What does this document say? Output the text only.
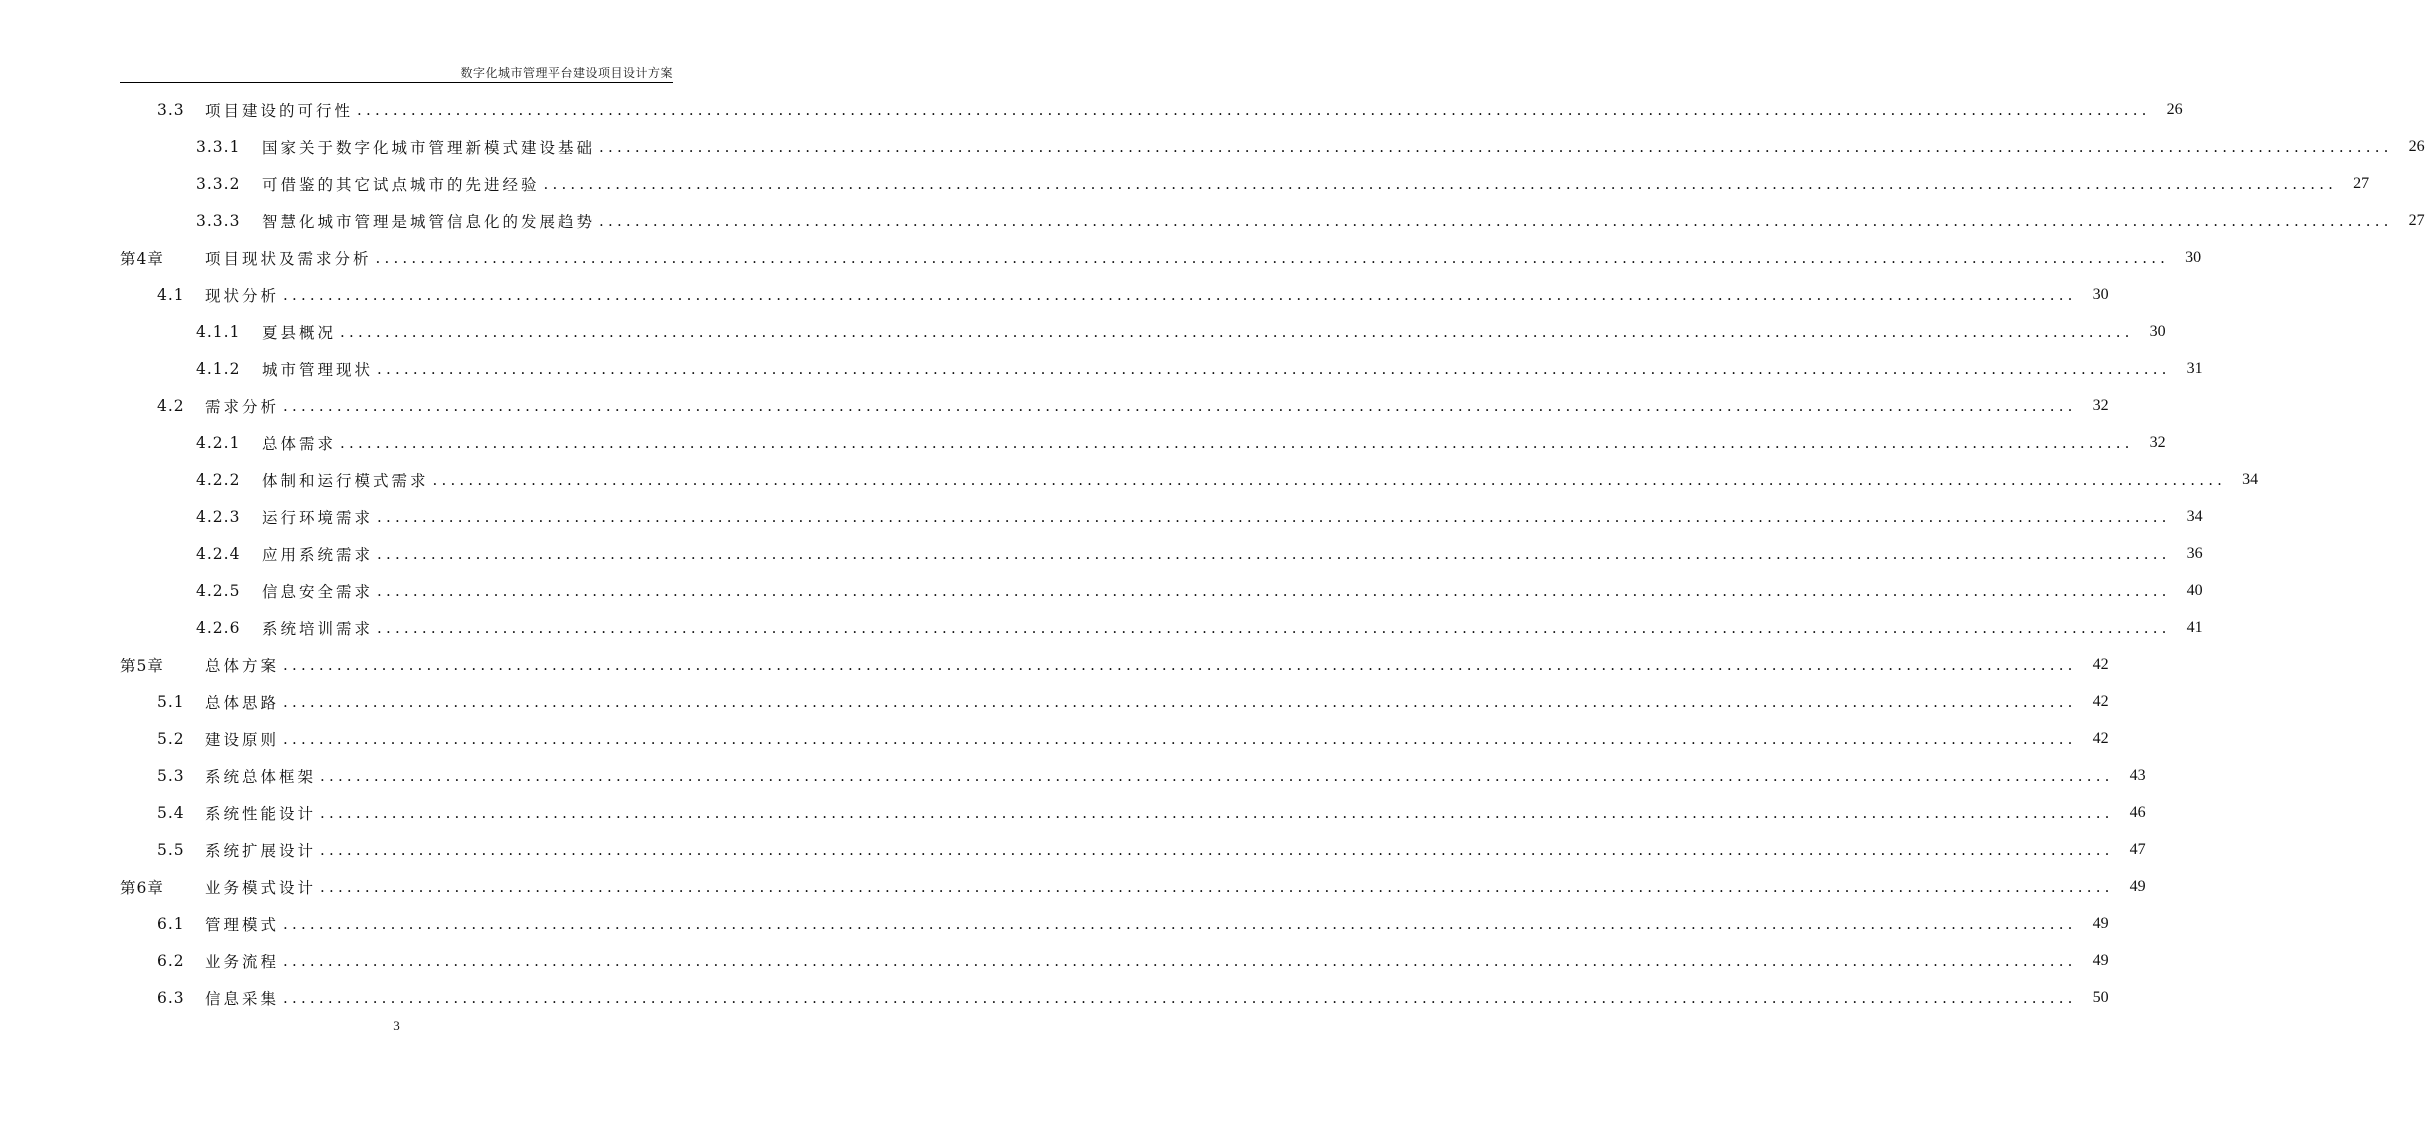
数字化城市管理平台建设项目设计方案
3.3	项目建设的可行性 ........................................................................................................................................................................................................	26
3.3.1	国家关于数字化城市管理新模式建设基础 ........................................................................................................................................................................................................	26
3.3.2	可借鉴的其它试点城市的先进经验 ........................................................................................................................................................................................................	27
3.3.3	智慧化城市管理是城管信息化的发展趋势 ........................................................................................................................................................................................................	27
第4章	项目现状及需求分析 ........................................................................................................................................................................................................	30
4.1	现状分析 ........................................................................................................................................................................................................	30
4.1.1	夏县概况 ........................................................................................................................................................................................................	30
4.1.2	城市管理现状 ........................................................................................................................................................................................................	31
4.2	需求分析 ........................................................................................................................................................................................................	32
4.2.1	总体需求 ........................................................................................................................................................................................................	32
4.2.2	体制和运行模式需求 ........................................................................................................................................................................................................	34
4.2.3	运行环境需求 ........................................................................................................................................................................................................	34
4.2.4	应用系统需求 ........................................................................................................................................................................................................	36
4.2.5	信息安全需求 ........................................................................................................................................................................................................	40
4.2.6	系统培训需求 ........................................................................................................................................................................................................	41
第5章	总体方案 ........................................................................................................................................................................................................	42
5.1	总体思路 ........................................................................................................................................................................................................	42
5.2	建设原则 ........................................................................................................................................................................................................	42
5.3	系统总体框架 ........................................................................................................................................................................................................	43
5.4	系统性能设计 ........................................................................................................................................................................................................	46
5.5	系统扩展设计 ........................................................................................................................................................................................................	47
第6章	业务模式设计 ........................................................................................................................................................................................................	49
6.1	管理模式 ........................................................................................................................................................................................................	49
6.2	业务流程 ........................................................................................................................................................................................................	49
6.3	信息采集 ........................................................................................................................................................................................................	50
3
